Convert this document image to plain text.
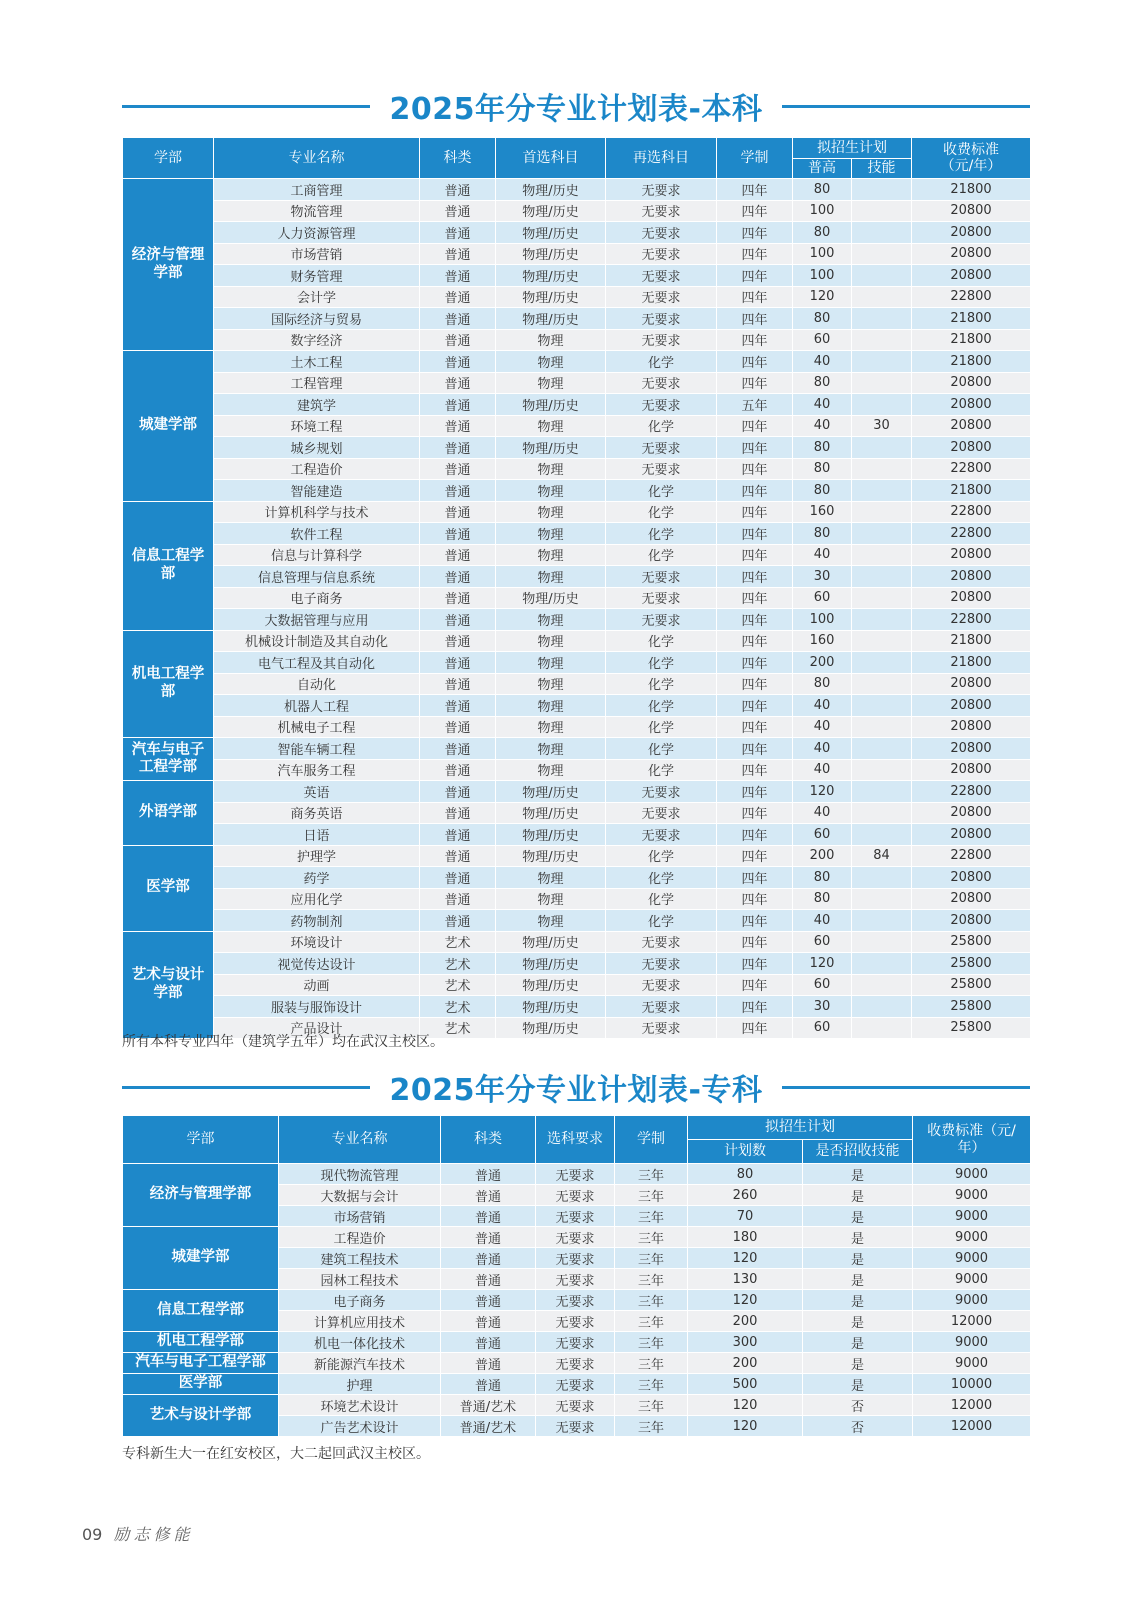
2025年分专业计划表-本科
学部	专业名称	科类	首选科目	再选科目	学制	拟招生计划		收费标准（元/年）
						普高	技能	
经济与管理学部	工商管理	普通	物理/历史	无要求	四年	80		21800
	物流管理	普通	物理/历史	无要求	四年	100		20800
	人力资源管理	普通	物理/历史	无要求	四年	80		20800
	市场营销	普通	物理/历史	无要求	四年	100		20800
	财务管理	普通	物理/历史	无要求	四年	100		20800
	会计学	普通	物理/历史	无要求	四年	120		22800
	国际经济与贸易	普通	物理/历史	无要求	四年	80		21800
	数字经济	普通	物理	无要求	四年	60		21800
城建学部	土木工程	普通	物理	化学	四年	40		21800
	工程管理	普通	物理	无要求	四年	80		20800
	建筑学	普通	物理/历史	无要求	五年	40		20800
	环境工程	普通	物理	化学	四年	40	30	20800
	城乡规划	普通	物理/历史	无要求	四年	80		20800
	工程造价	普通	物理	无要求	四年	80		22800
	智能建造	普通	物理	化学	四年	80		21800
信息工程学部	计算机科学与技术	普通	物理	化学	四年	160		22800
	软件工程	普通	物理	化学	四年	80		22800
	信息与计算科学	普通	物理	化学	四年	40		20800
	信息管理与信息系统	普通	物理	无要求	四年	30		20800
	电子商务	普通	物理/历史	无要求	四年	60		20800
	大数据管理与应用	普通	物理	无要求	四年	100		22800
机电工程学部	机械设计制造及其自动化	普通	物理	化学	四年	160		21800
	电气工程及其自动化	普通	物理	化学	四年	200		21800
	自动化	普通	物理	化学	四年	80		20800
	机器人工程	普通	物理	化学	四年	40		20800
	机械电子工程	普通	物理	化学	四年	40		20800
汽车与电子工程学部	智能车辆工程	普通	物理	化学	四年	40		20800
	汽车服务工程	普通	物理	化学	四年	40		20800
外语学部	英语	普通	物理/历史	无要求	四年	120		22800
	商务英语	普通	物理/历史	无要求	四年	40		20800
	日语	普通	物理/历史	无要求	四年	60		20800
医学部	护理学	普通	物理/历史	化学	四年	200	84	22800
	药学	普通	物理	化学	四年	80		20800
	应用化学	普通	物理	化学	四年	80		20800
	药物制剂	普通	物理	化学	四年	40		20800
艺术与设计学部	环境设计	艺术	物理/历史	无要求	四年	60		25800
	视觉传达设计	艺术	物理/历史	无要求	四年	120		25800
	动画	艺术	物理/历史	无要求	四年	60		25800
	服装与服饰设计	艺术	物理/历史	无要求	四年	30		25800
	产品设计	艺术	物理/历史	无要求	四年	60		25800
所有本科专业四年（建筑学五年）均在武汉主校区。
2025年分专业计划表-专科
学部	专业名称	科类	选科要求	学制	拟招生计划		收费标准（元/年）
					计划数	是否招收技能	
经济与管理学部	现代物流管理	普通	无要求	三年	80	是	9000
	大数据与会计	普通	无要求	三年	260	是	9000
	市场营销	普通	无要求	三年	70	是	9000
城建学部	工程造价	普通	无要求	三年	180	是	9000
	建筑工程技术	普通	无要求	三年	120	是	9000
	园林工程技术	普通	无要求	三年	130	是	9000
信息工程学部	电子商务	普通	无要求	三年	120	是	9000
	计算机应用技术	普通	无要求	三年	200	是	12000
机电工程学部	机电一体化技术	普通	无要求	三年	300	是	9000
汽车与电子工程学部	新能源汽车技术	普通	无要求	三年	200	是	9000
医学部	护理	普通	无要求	三年	500	是	10000
艺术与设计学部	环境艺术设计	普通/艺术	无要求	三年	120	否	12000
	广告艺术设计	普通/艺术	无要求	三年	120	否	12000
专科新生大一在红安校区，大二起回武汉主校区。
09 励志修能
